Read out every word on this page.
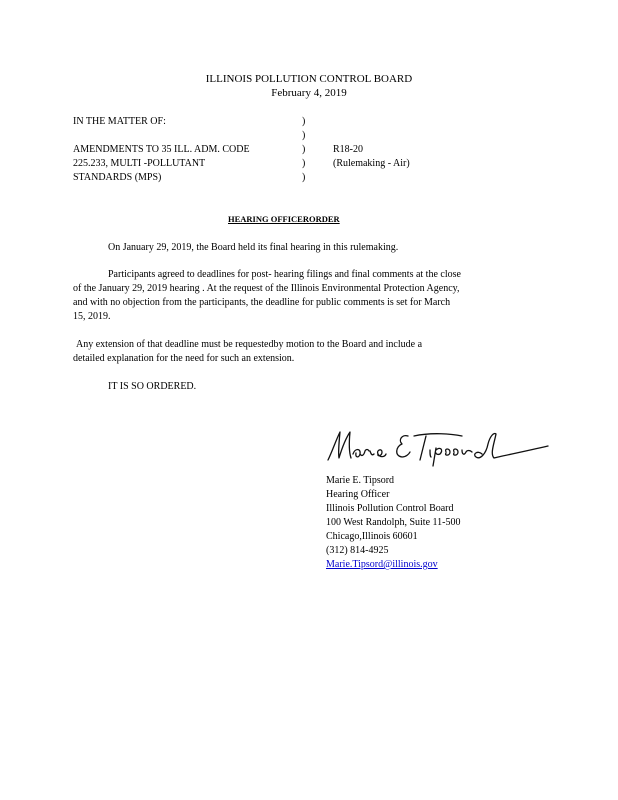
ILLINOIS POLLUTION CONTROL BOARD
February 4, 2019
IN THE MATTER OF:
AMENDMENTS TO 35 ILL. ADM. CODE
225.233, MULTI -POLLUTANT
STANDARDS (MPS)
)
)
)
)
)
R18-20
(Rulemaking - Air)
HEARING OFFICERORDER
On January 29, 2019, the Board held its final hearing in this rulemaking.
Participants agreed to deadlines for post- hearing filings and final comments at the close
of the January 29, 2019 hearing . At the request of the Illinois Environmental Protection Agency,
and with no objection from the participants, the deadline for public comments is set for March
15, 2019.
Any extension of that deadline must be requestedby motion to the Board and include a
detailed explanation for the need for such an extension.
IT IS SO ORDERED.
Marie E Tipsord
Marie E. Tipsord
Hearing Officer
Illinois Pollution Control Board
100 West Randolph, Suite 11-500
Chicago,Illinois 60601
(312) 814-4925
Marie.Tipsord@illinois.gov
